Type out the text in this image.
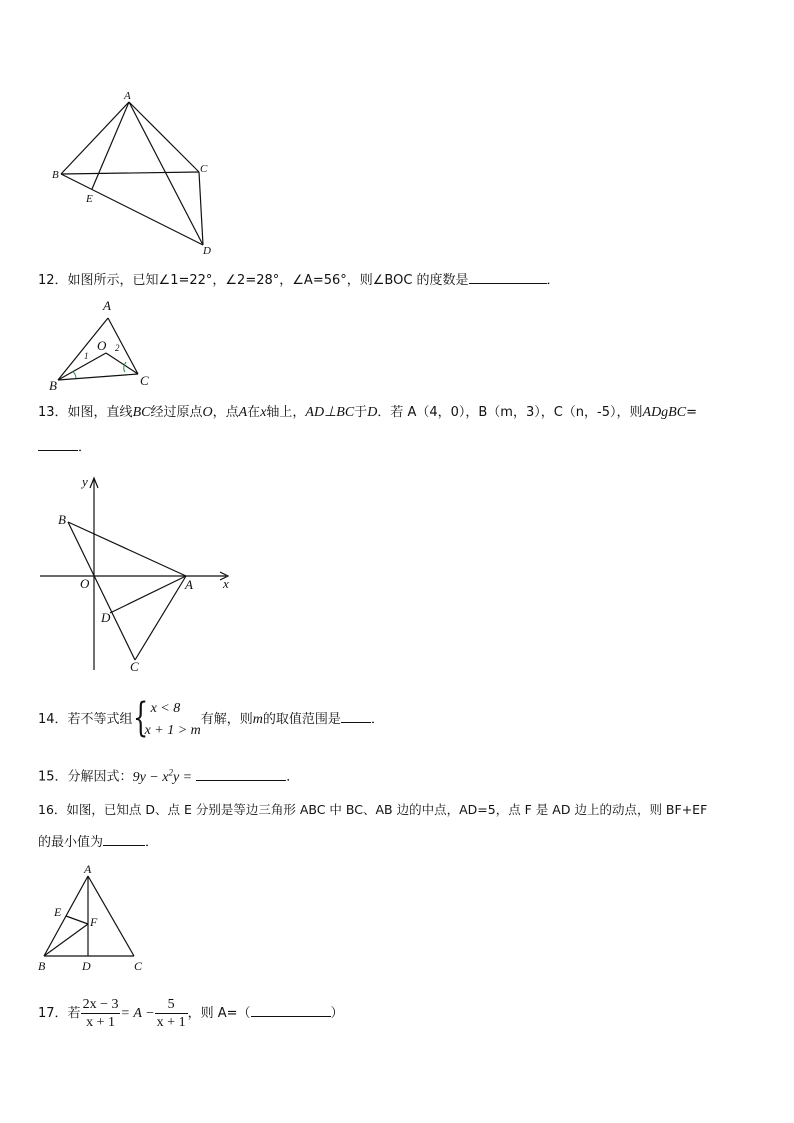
A
B	C
E
D
12．如图所示，已知∠1=22°，∠2=28°，∠A=56°，则∠BOC 的度数是	．
A
O
1
2
B	C
13．如图，直线BC经过原点O，点A在x轴上，AD⊥BC于D．若 A（4，0），B（m，3），C（n，-5），则ADgBC=
．
y
x
B
O	A
D
C
14．若不等式组 { x < 8
x + 1 > m
有解，则m的取值范围是 ．
15．分解因式：$9y - x^2y$ =	．
16．如图，已知点 D、点 E 分别是等边三角形 ABC 中 BC、AB 边的中点，AD=5，点 F 是 AD 边上的动点，则 BF+EF
的最小值为	．
A
E
F
B	D	C
17．若 $\frac{2x - 3}{x + 1} = A - \frac{5}{x + 1}$ ，则 A=（	）
